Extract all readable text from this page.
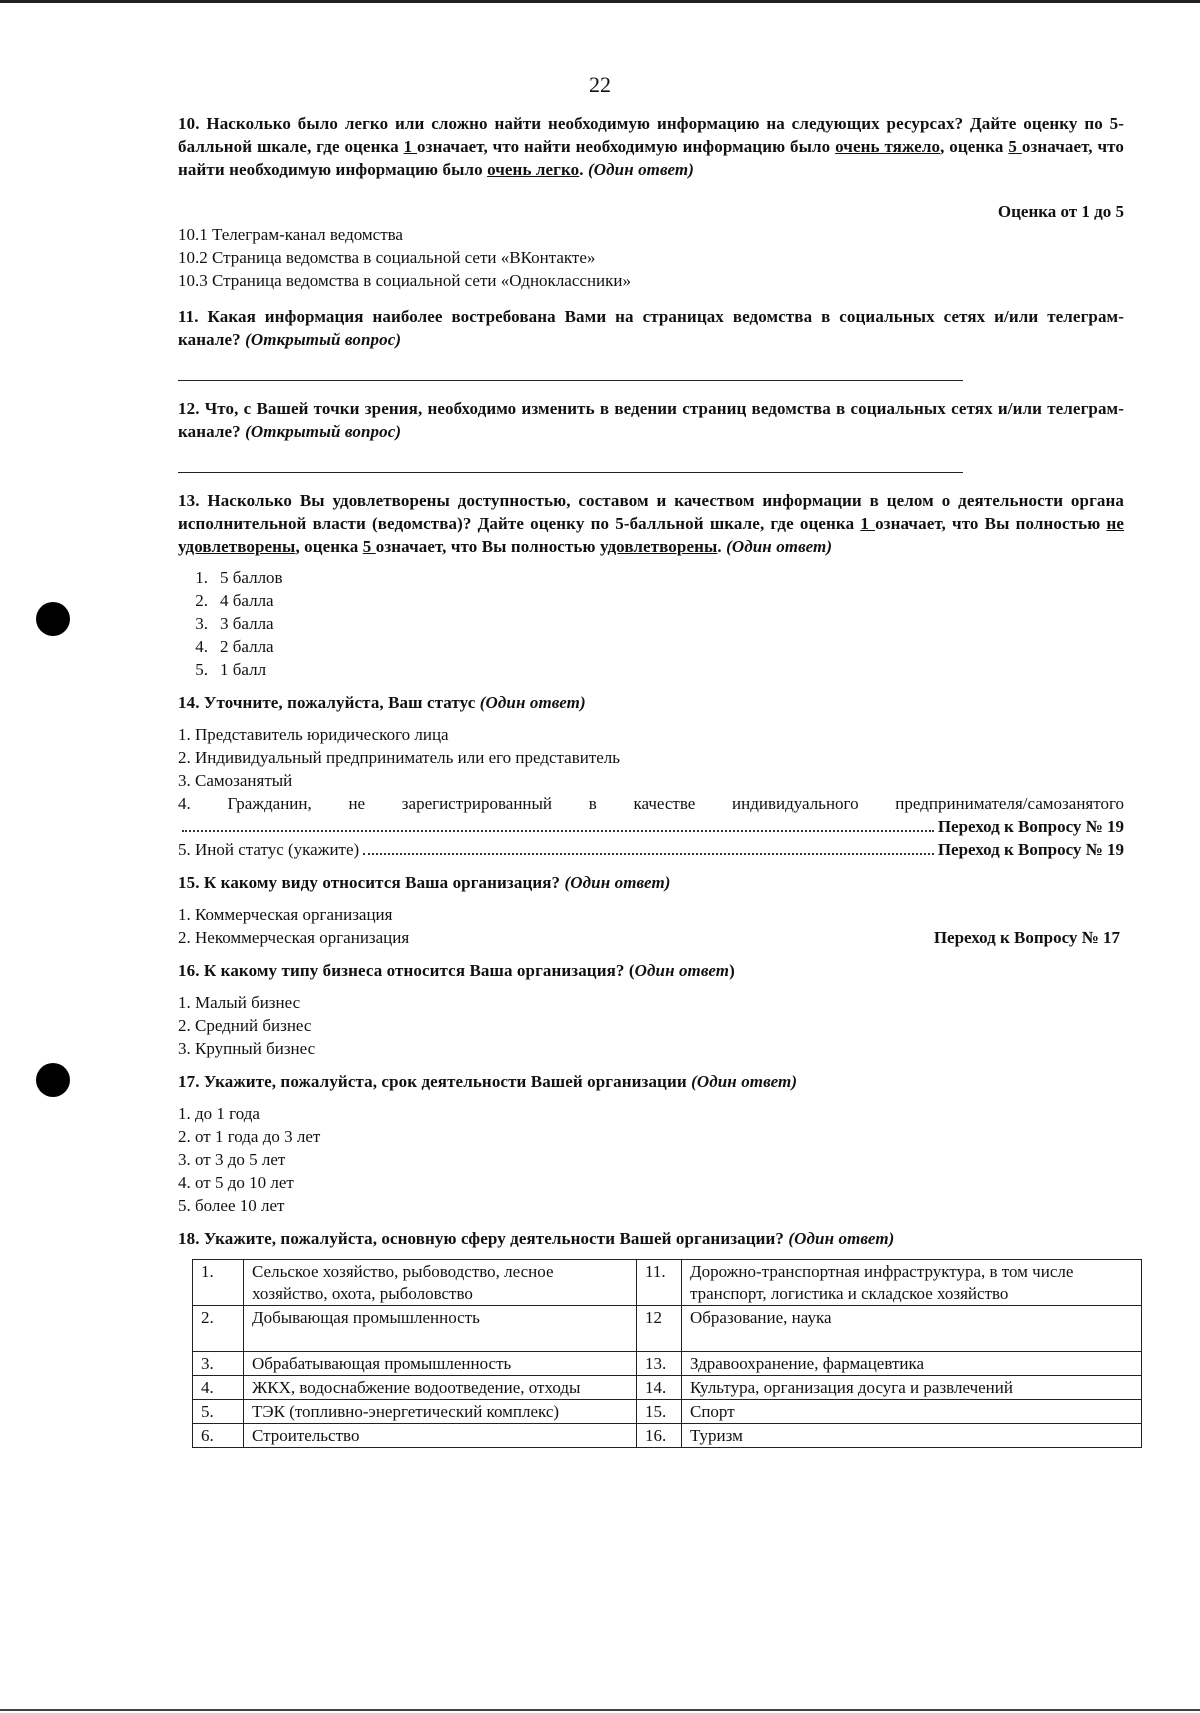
22

10. Насколько было легко или сложно найти необходимую информацию на следующих ресурсах? Дайте оценку по 5-балльной шкале, где оценка 1 означает, что найти необходимую информацию было очень тяжело, оценка 5 означает, что найти необходимую информацию было очень легко. (Один ответ)

Оценка от 1 до 5

10.1 Телеграм-канал ведомства

10.2 Страница ведомства в социальной сети «ВКонтакте»

10.3 Страница ведомства в социальной сети «Одноклассники»

11. Какая информация наиболее востребована Вами на страницах ведомства в социальных сетях и/или телеграм-канале? (Открытый вопрос)

12. Что, с Вашей точки зрения, необходимо изменить в ведении страниц ведомства в социальных сетях и/или телеграм-канале? (Открытый вопрос)

13. Насколько Вы удовлетворены доступностью, составом и качеством информации в целом о деятельности органа исполнительной власти (ведомства)? Дайте оценку по 5-балльной шкале, где оценка 1 означает, что Вы полностью не удовлетворены, оценка 5 означает, что Вы полностью удовлетворены. (Один ответ)

1. 5 баллов
2. 4 балла
3. 3 балла
4. 2 балла
5. 1 балл

14. Уточните, пожалуйста, Ваш статус (Один ответ)

1. Представитель юридического лица

2. Индивидуальный предприниматель или его представитель

3. Самозанятый

4. Гражданин, не зарегистрированный в качестве индивидуального предпринимателя/самозанятого

Переход к Вопросу № 19
5. Иной статус (укажите)	Переход к Вопросу № 19

15. К какому виду относится Ваша организация? (Один ответ)

1. Коммерческая организация

2. Некоммерческая организация	Переход к Вопросу № 17

16. К какому типу бизнеса относится Ваша организация? (Один ответ)

1. Малый бизнес

2. Средний бизнес

3. Крупный бизнес

17. Укажите, пожалуйста, срок деятельности Вашей организации (Один ответ)

1. до 1 года

2. от 1 года до 3 лет

3. от 3 до 5 лет

4. от 5 до 10 лет

5. более 10 лет

18. Укажите, пожалуйста, основную сферу деятельности Вашей организации? (Один ответ)

1.	Сельское хозяйство, рыбоводство, лесное хозяйство, охота, рыболовство	11.	Дорожно-транспортная инфраструктура, в том числе транспорт, логистика и складское хозяйство
2.	Добывающая промышленность	12	Образование, наука
3.	Обрабатывающая промышленность	13.	Здравоохранение, фармацевтика
4.	ЖКХ, водоснабжение водоотведение, отходы	14.	Культура, организация досуга и развлечений
5.	ТЭК (топливно-энергетический комплекс)	15.	Спорт
6.	Строительство	16.	Туризм
